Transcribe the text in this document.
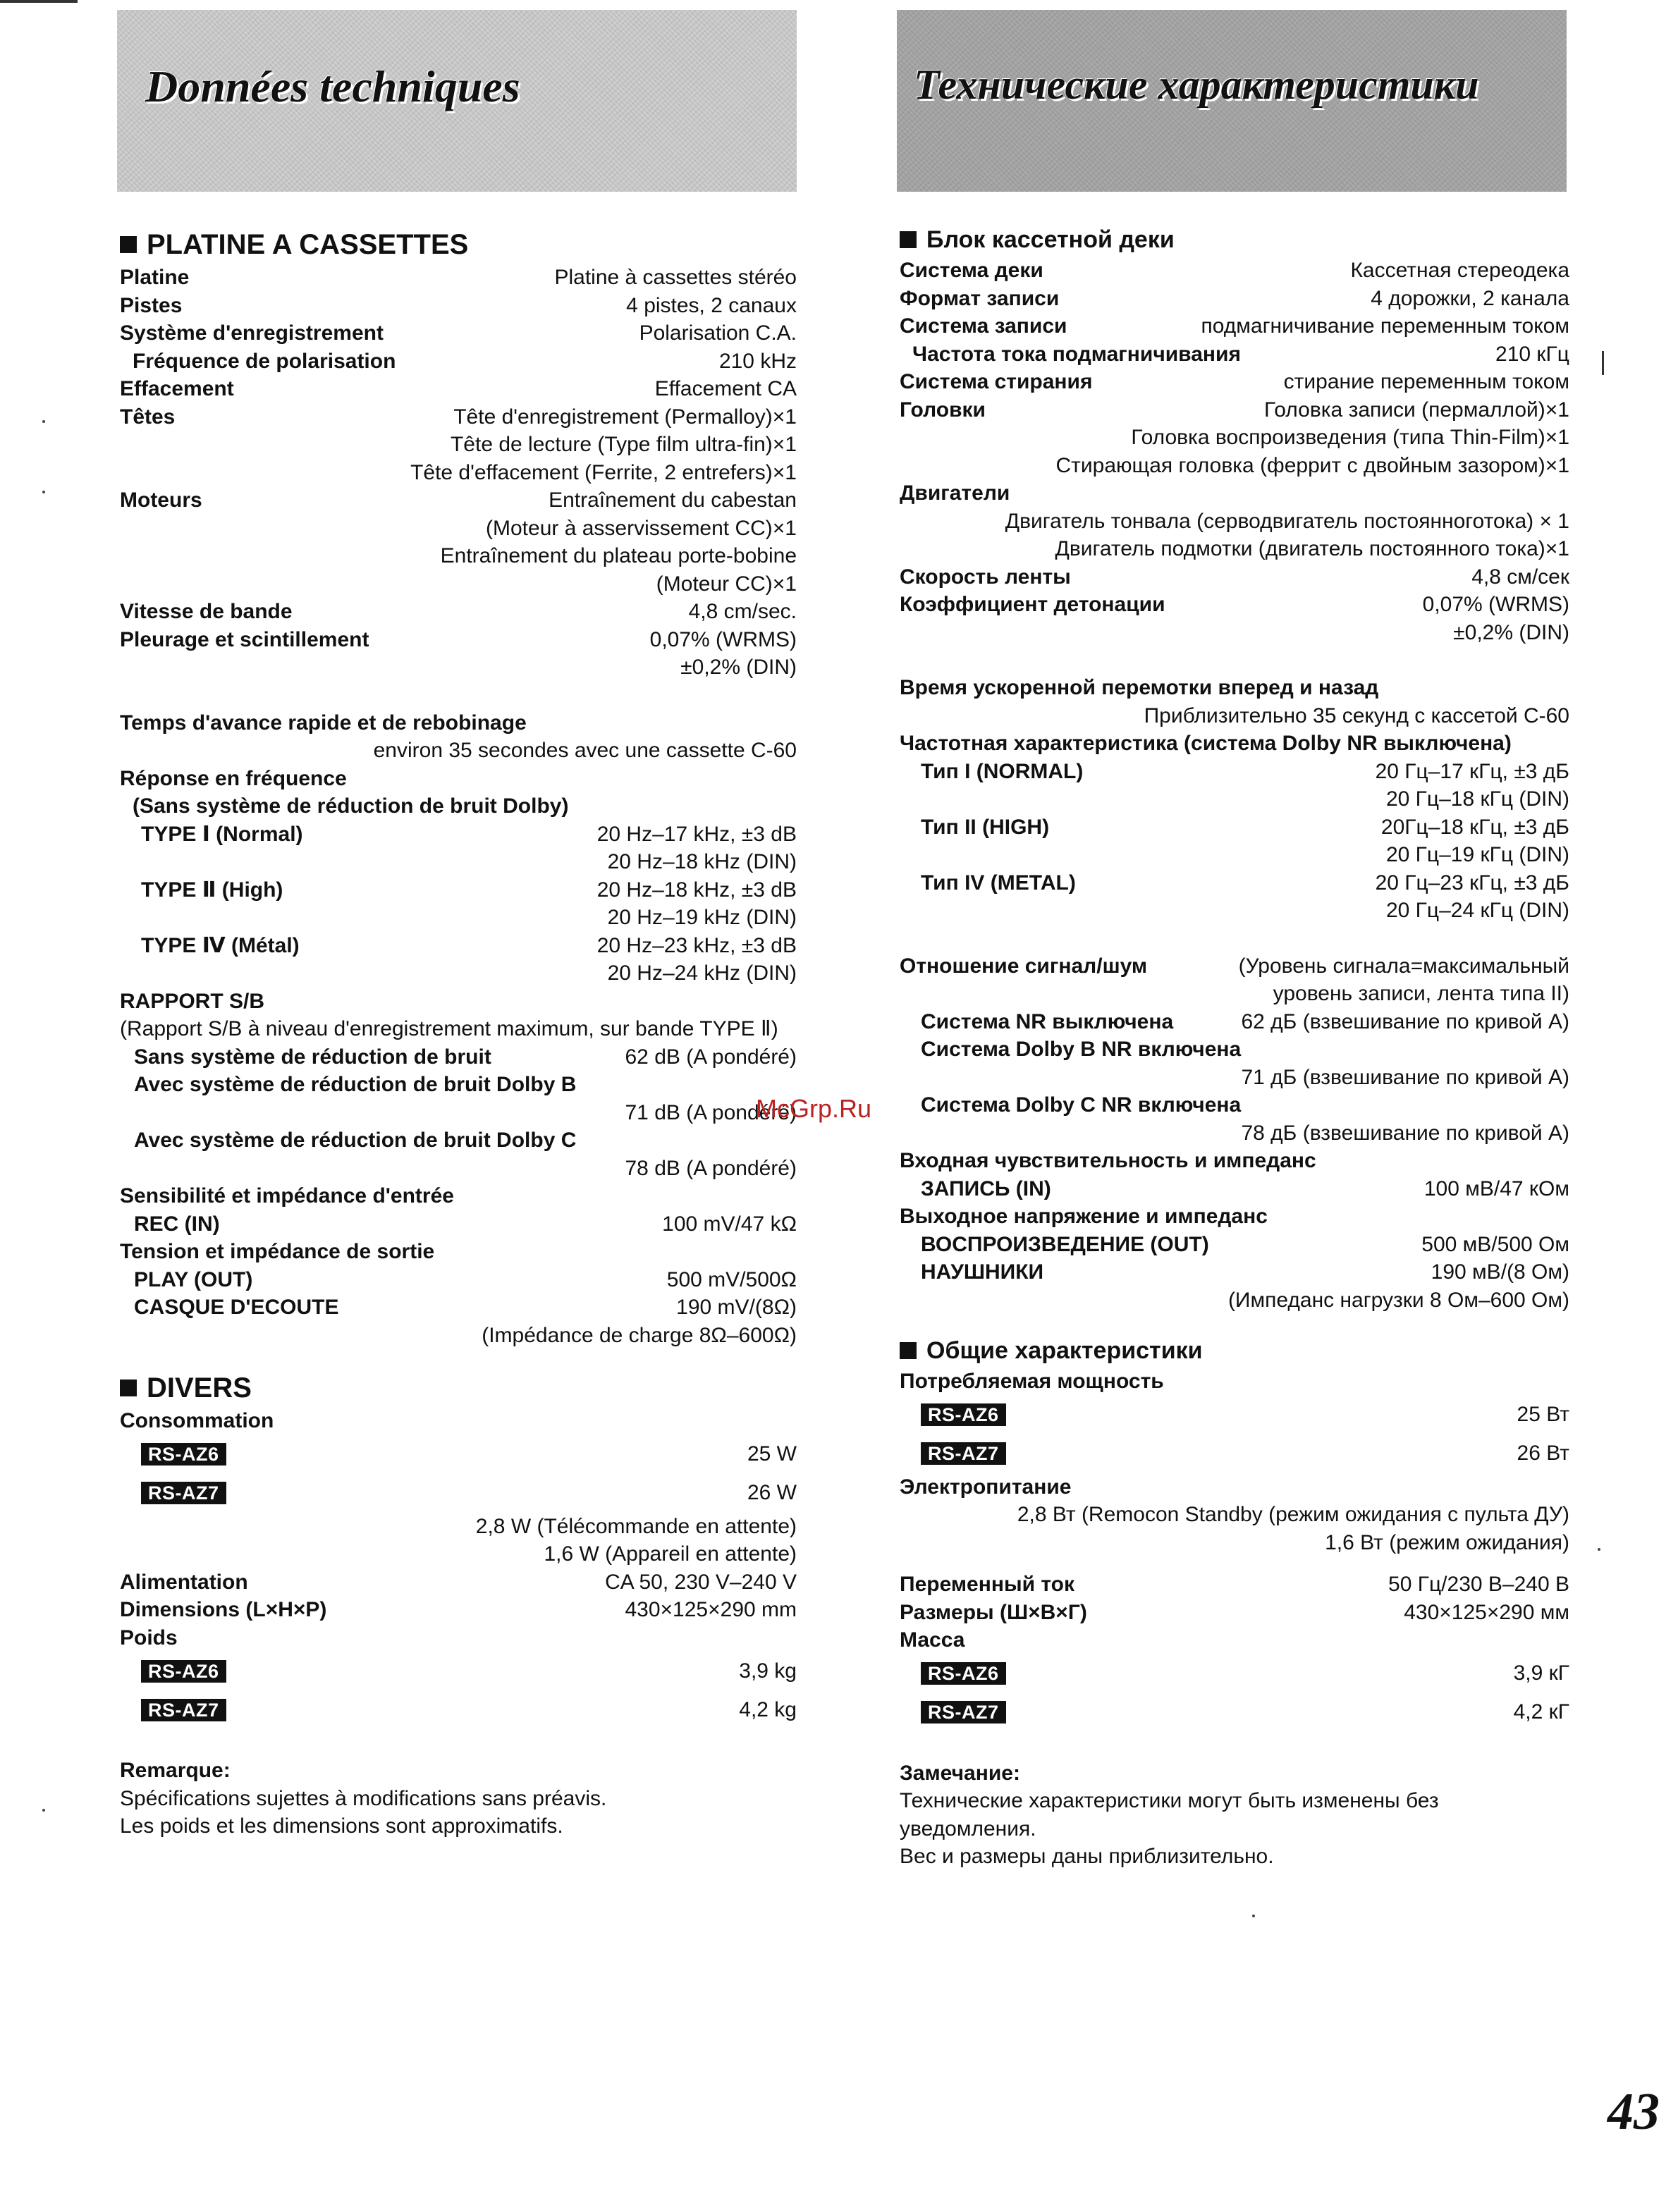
Données techniques	Технические характеристики
PLATINE A CASSETTES
Platine	Platine à cassettes stéréo
Pistes	4 pistes, 2 canaux
Système d'enregistrement	Polarisation C.A.
Fréquence de polarisation	210 kHz
Effacement	Effacement CA
Têtes	Tête d'enregistrement (Permalloy)×1
Tête de lecture (Type film ultra-fin)×1
Tête d'effacement (Ferrite, 2 entrefers)×1
Moteurs	Entraînement du cabestan
(Moteur à asservissement CC)×1
Entraînement du plateau porte-bobine
(Moteur CC)×1
Vitesse de bande	4,8 cm/sec.
Pleurage et scintillement	0,07% (WRMS)
±0,2% (DIN)
Temps d'avance rapide et de rebobinage
environ 35 secondes avec une cassette C-60
Réponse en fréquence
(Sans système de réduction de bruit Dolby)
TYPE Ⅰ (Normal)	20 Hz–17 kHz, ±3 dB
20 Hz–18 kHz (DIN)
TYPE Ⅱ (High)	20 Hz–18 kHz, ±3 dB
20 Hz–19 kHz (DIN)
TYPE Ⅳ (Métal)	20 Hz–23 kHz, ±3 dB
20 Hz–24 kHz (DIN)
RAPPORT S/B
(Rapport S/B à niveau d'enregistrement maximum, sur bande TYPE Ⅱ)
Sans système de réduction de bruit	62 dB (A pondéré)
Avec système de réduction de bruit Dolby B
71 dB (A pondéré)
Avec système de réduction de bruit Dolby C
78 dB (A pondéré)
Sensibilité et impédance d'entrée
REC (IN)	100 mV/47 kΩ
Tension et impédance de sortie
PLAY (OUT)	500 mV/500Ω
CASQUE D'ECOUTE	190 mV/(8Ω)
(Impédance de charge 8Ω–600Ω)
DIVERS
Consommation
RS-AZ6	25 W
RS-AZ7	26 W
2,8 W (Télécommande en attente)
1,6 W (Appareil en attente)
Alimentation	CA 50, 230 V–240 V
Dimensions (L×H×P)	430×125×290 mm
Poids
RS-AZ6	3,9 kg
RS-AZ7	4,2 kg
Remarque:
Spécifications sujettes à modifications sans préavis.
Les poids et les dimensions sont approximatifs.
Блок кассетной деки
Система деки	Кассетная стереодека
Формат записи	4 дорожки, 2 канала
Система записи	подмагничивание переменным током
Частота тока подмагничивания	210 кГц
Система стирания	стирание переменным током
Головки	Головка записи (пермаллой)×1
Головка воспроизведения (типа Thin-Film)×1
Стирающая головка (феррит с двойным зазором)×1
Двигатели
Двигатель тонвала (серводвигатель постоянноготока) × 1
Двигатель подмотки (двигатель постоянного тока)×1
Скорость ленты	4,8 см/сек
Коэффициент детонации	0,07% (WRMS)
±0,2% (DIN)
Время ускоренной перемотки вперед и назад
Приблизительно 35 секунд с кассетой C-60
Частотная характеристика (система Dolby NR выключена)
Тип I (NORMAL)	20 Гц–17 кГц, ±3 дБ
20 Гц–18 кГц (DIN)
Тип II (HIGH)	20Гц–18 кГц, ±3 дБ
20 Гц–19 кГц (DIN)
Тип IV (METAL)	20 Гц–23 кГц, ±3 дБ
20 Гц–24 кГц (DIN)
Отношение сигнал/шум	(Уровень сигнала=максимальный
уровень записи, лента типа II)
Система NR выключена	62 дБ (взвешивание по кривой А)
Система Dolby B NR включена
71 дБ (взвешивание по кривой А)
Система Dolby C NR включена
78 дБ (взвешивание по кривой А)
Входная чувствительность и импеданс
ЗАПИСЬ (IN)	100 мВ/47 кОм
Выходное напряжение и импеданс
ВОСПРОИЗВЕДЕНИЕ (OUT)	500 мВ/500 Ом
НАУШНИКИ	190 мВ/(8 Ом)
(Импеданс нагрузки 8 Ом–600 Ом)
Общие характеристики
Потребляемая мощность
RS-AZ6	25 Вт
RS-AZ7	26 Вт
Электропитание
2,8 Вт (Remocon Standby (режим ожидания с пульта ДУ)
1,6 Вт (режим ожидания)
Переменный ток	50 Гц/230 В–240 В
Размеры (Ш×В×Г)	430×125×290 мм
Масса
RS-AZ6	3,9 кГ
RS-AZ7	4,2 кГ
Замечание:
Технические характеристики могут быть изменены без
уведомления.
Вес и размеры даны приблизительно.
McGrp.Ru
43
